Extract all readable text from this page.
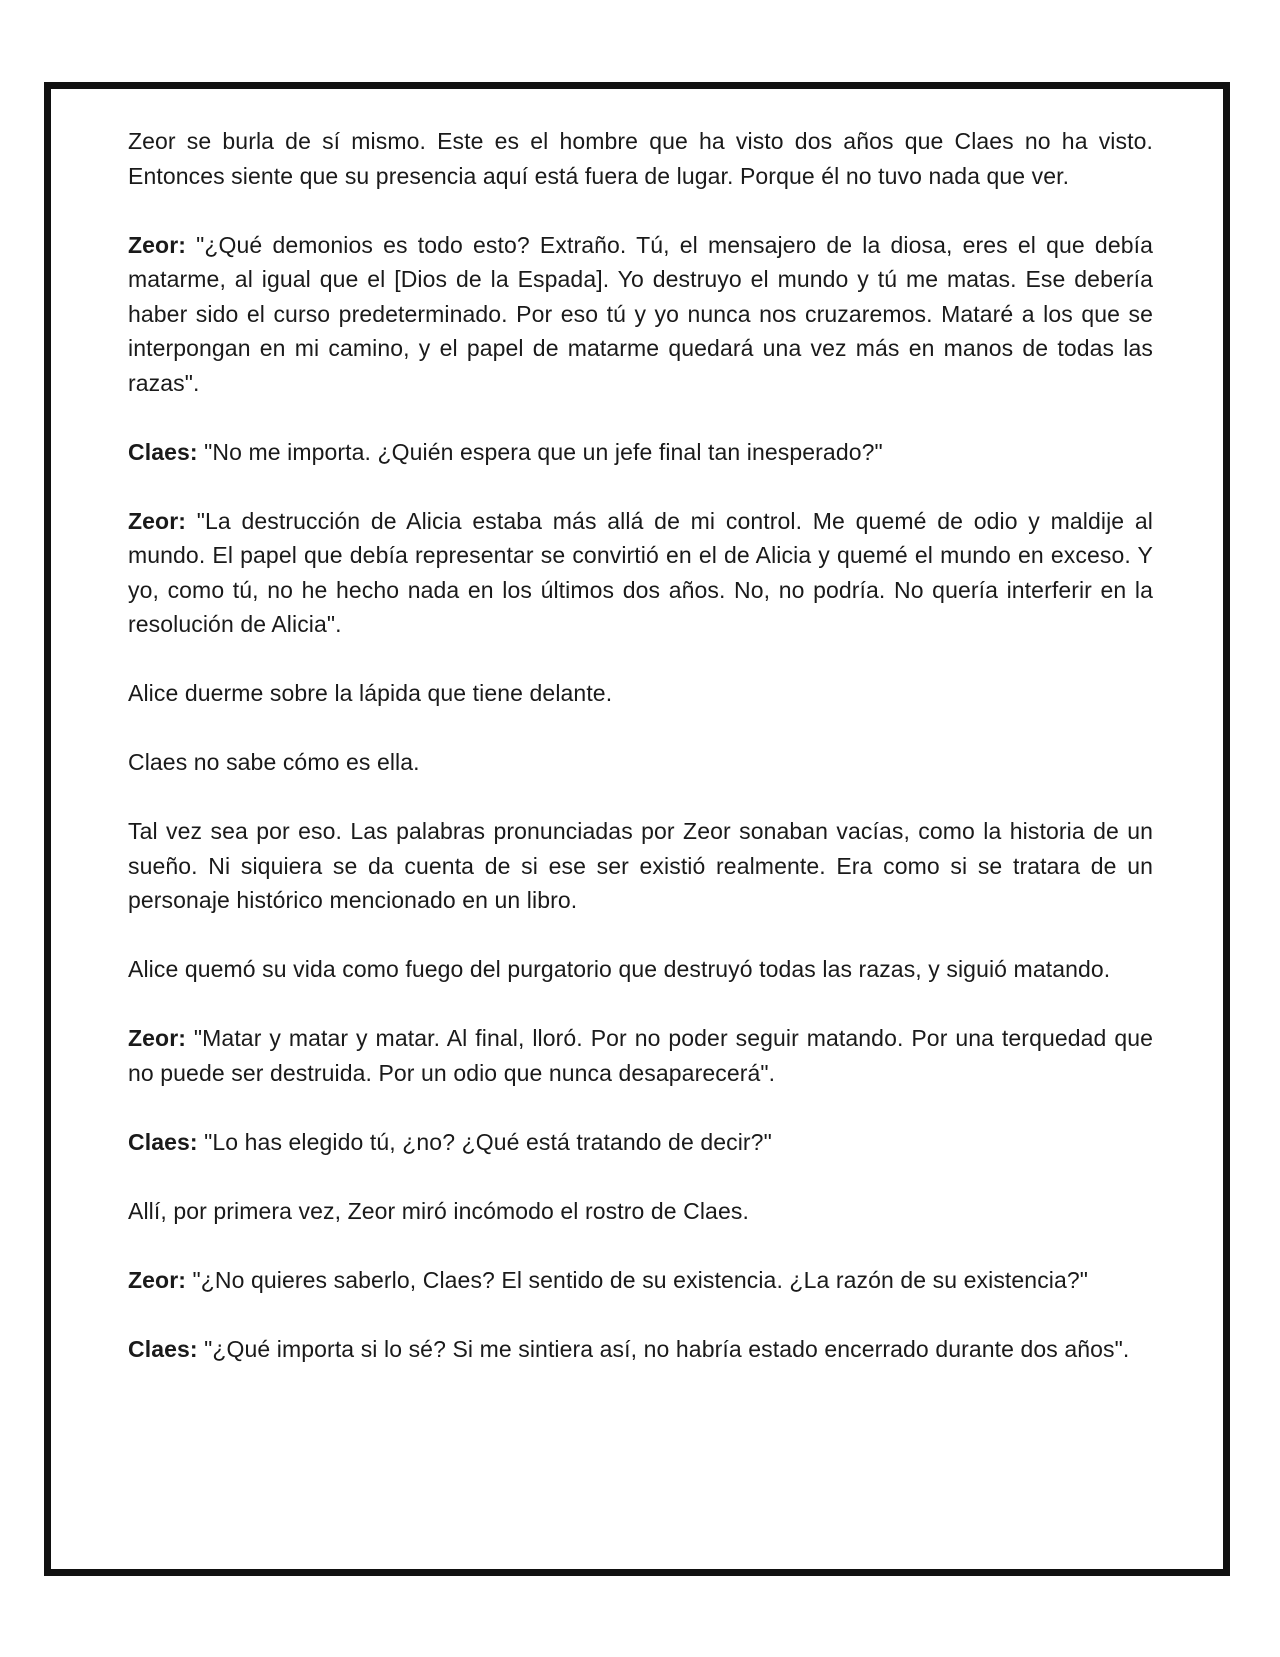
Zeor se burla de sí mismo. Este es el hombre que ha visto dos años que Claes no ha visto. Entonces siente que su presencia aquí está fuera de lugar. Porque él no tuvo nada que ver.

Zeor: "¿Qué demonios es todo esto? Extraño. Tú, el mensajero de la diosa, eres el que debía matarme, al igual que el [Dios de la Espada]. Yo destruyo el mundo y tú me matas. Ese debería haber sido el curso predeterminado. Por eso tú y yo nunca nos cruzaremos. Mataré a los que se interpongan en mi camino, y el papel de matarme quedará una vez más en manos de todas las razas".

Claes: "No me importa. ¿Quién espera que un jefe final tan inesperado?"

Zeor: "La destrucción de Alicia estaba más allá de mi control. Me quemé de odio y maldije al mundo. El papel que debía representar se convirtió en el de Alicia y quemé el mundo en exceso. Y yo, como tú, no he hecho nada en los últimos dos años. No, no podría. No quería interferir en la resolución de Alicia".

Alice duerme sobre la lápida que tiene delante.

Claes no sabe cómo es ella.

Tal vez sea por eso. Las palabras pronunciadas por Zeor sonaban vacías, como la historia de un sueño. Ni siquiera se da cuenta de si ese ser existió realmente. Era como si se tratara de un personaje histórico mencionado en un libro.

Alice quemó su vida como fuego del purgatorio que destruyó todas las razas, y siguió matando.

Zeor: "Matar y matar y matar. Al final, lloró. Por no poder seguir matando. Por una terquedad que no puede ser destruida. Por un odio que nunca desaparecerá".

Claes: "Lo has elegido tú, ¿no? ¿Qué está tratando de decir?"

Allí, por primera vez, Zeor miró incómodo el rostro de Claes.

Zeor: "¿No quieres saberlo, Claes? El sentido de su existencia. ¿La razón de su existencia?"

Claes: "¿Qué importa si lo sé? Si me sintiera así, no habría estado encerrado durante dos años".
